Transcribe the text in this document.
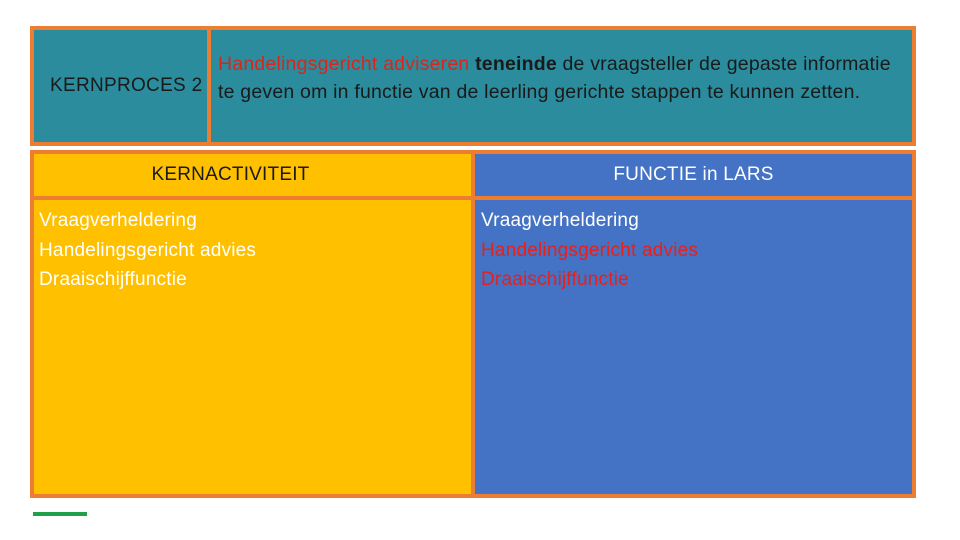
KERNPROCES 2
Handelingsgericht adviseren teneinde de vraagsteller de gepaste informatie te geven om in functie van de leerling gerichte stappen te kunnen zetten.
KERNACTIVITEIT	FUNCTIE in LARS
Vraagverheldering
Handelingsgericht advies
Draaischijffunctie
Vraagverheldering
Handelingsgericht advies
Draaischijffunctie
